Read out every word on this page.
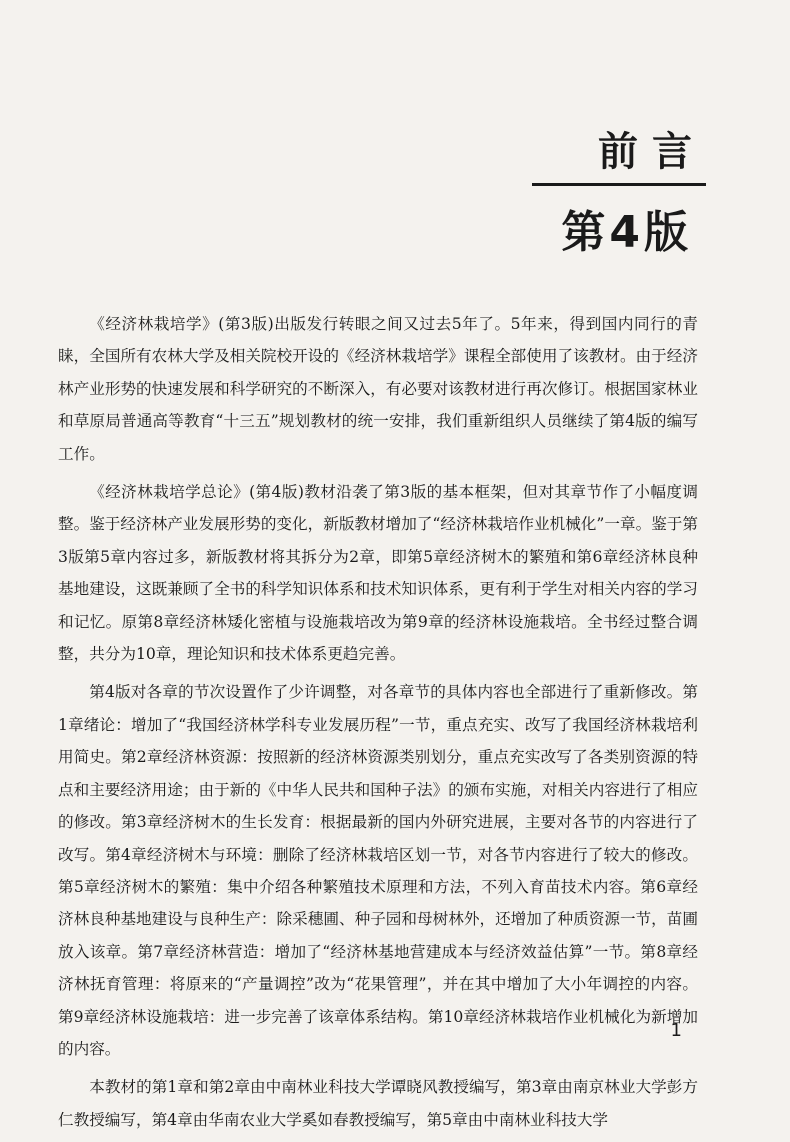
前言
第4版

《经济林栽培学》(第3版)出版发行转眼之间又过去5年了。5年来，得到国内同行的青睐，全国所有农林大学及相关院校开设的《经济林栽培学》课程全部使用了该教材。由于经济林产业形势的快速发展和科学研究的不断深入，有必要对该教材进行再次修订。根据国家林业和草原局普通高等教育“十三五”规划教材的统一安排，我们重新组织人员继续了第4版的编写工作。

《经济林栽培学总论》(第4版)教材沿袭了第3版的基本框架，但对其章节作了小幅度调整。鉴于经济林产业发展形势的变化，新版教材增加了“经济林栽培作业机械化”一章。鉴于第3版第5章内容过多，新版教材将其拆分为2章，即第5章经济树木的繁殖和第6章经济林良种基地建设，这既兼顾了全书的科学知识体系和技术知识体系，更有利于学生对相关内容的学习和记忆。原第8章经济林矮化密植与设施栽培改为第9章的经济林设施栽培。全书经过整合调整，共分为10章，理论知识和技术体系更趋完善。

第4版对各章的节次设置作了少许调整，对各章节的具体内容也全部进行了重新修改。第1章绪论：增加了“我国经济林学科专业发展历程”一节，重点充实、改写了我国经济林栽培利用简史。第2章经济林资源：按照新的经济林资源类别划分，重点充实改写了各类别资源的特点和主要经济用途；由于新的《中华人民共和国种子法》的颁布实施，对相关内容进行了相应的修改。第3章经济树木的生长发育：根据最新的国内外研究进展，主要对各节的内容进行了改写。第4章经济树木与环境：删除了经济林栽培区划一节，对各节内容进行了较大的修改。第5章经济树木的繁殖：集中介绍各种繁殖技术原理和方法，不列入育苗技术内容。第6章经济林良种基地建设与良种生产：除采穗圃、种子园和母树林外，还增加了种质资源一节，苗圃放入该章。第7章经济林营造：增加了“经济林基地营建成本与经济效益估算”一节。第8章经济林抚育管理：将原来的“产量调控”改为“花果管理”，并在其中增加了大小年调控的内容。第9章经济林设施栽培：进一步完善了该章体系结构。第10章经济林栽培作业机械化为新增加的内容。

本教材的第1章和第2章由中南林业科技大学谭晓风教授编写，第3章由南京林业大学彭方仁教授编写，第4章由华南农业大学奚如春教授编写，第5章由中南林业科技大学

1
